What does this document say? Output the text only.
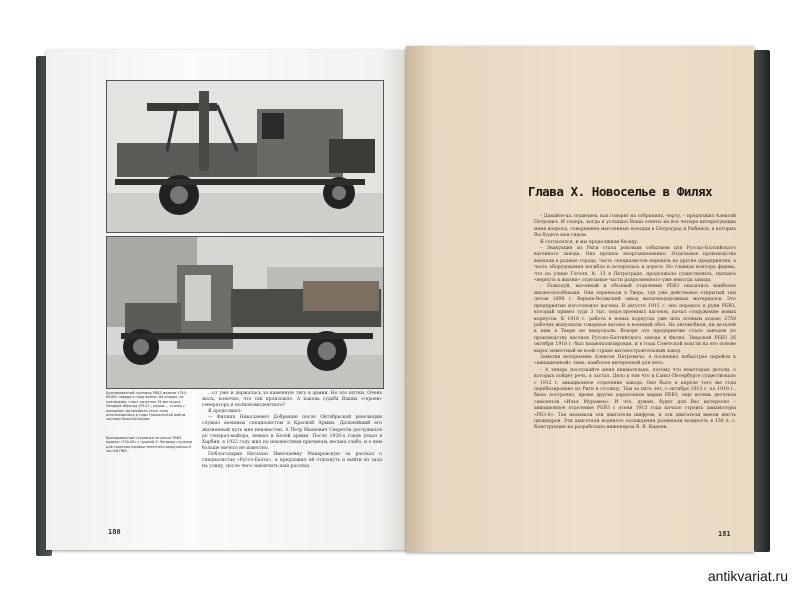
Бронированный грузовик РБВЗ модели «Т40-65/65» завода в годы войны. На опорах, на платформе, стоит зенитная 76-мм пушка Лендера образца 1914 г.; рядом — станок с прицелом. Автомобили этого типа использовались в годы Гражданской войны частями Красной Армии.

Бронированные грузовики на шасси РБВЗ модели «Т40-65» с пушкой Х. Лендера служили для транспортировки зенитного вооружения и частей ПВО.

...от уже и держалась за каменную тягу в армии. Но это шутки. Очень жаль, конечно, что так произошло. А какова судьба Ваших «героев» генератора и полнокомплектного?

Я продолжил:

— Филипп Николаевич Добрынин после Октябрьской революции служил военным специалистом в Красной Армии. Дальнейший его жизненный путь мне неизвестен. А Петр Иванович Секретёв дослужился до генерал-майора, воевал в Белой армии. После 1920-х годов уехал в Харбин, в 1922 году жил по неизвестным причинам, весьма слабо, и о нем больше ничего не известно.

Поблагодарив Наталью Николаевну Макаровскую за рассказ о специалистах «Руссо-Балта», я предложил ей отдохнуть и выйти из зала на улицу, после чего закончить наш рассказ.

180
Глава Х. Новоселье в Филях

– Давайте-ка, подведем, как говорят на собраниях, черту, – предложил Алексей Петрович. И теперь, когда я услышал Ваши ответы на все четыре интересующих меня вопроса, совершенно мысленные поездки в Петроград и Рыбинск, в которых Вы будете мои гидом.

Я согласился, и мы продолжили беседу.

– Эвакуация из Риги стала роковым событием для Русско-Балтийского вагонного завода. Она прошла неорганизованно. Отдельные производства выехали в разные города, часть специалистов перешла на другие предприятия, а часть оборудования погибла и потерялась в дороге. Но главная контора фирмы, что на улице Гоголя, № 13 в Петрограде, продолжала существовать, пытаясь «вернуть к жизни» отдельные части разрозненного уже некогда завода.

– Пожалуй, вагонный и обозный отделения РБВЗ оказались наиболее жизнеспособными. Они переехали в Тверь, где уже действовал открытый там летом 1898 г. Верхне-Волжский завод железнодорожных материалов. Это предприятие изготовляло вагоны. В августе 1915 г. оно перешло в руки РБВЗ, который привез туда 3 тыс. недостроенных вагонов, начал сооружение новых корпусов. К 1916 г. работа в новых корпусах уже шла полным ходом; 2750 рабочих выпускали товарные вагоны и военный обоз. Но автомобили, ни деталей к ним в Твери не выпускали. Вскоре это предприятие стало заводом по производству вагонов Русско-Балтийского завода в Филях. Тверской РБВЗ 26 октября 1918 г. был национализирован, и в годы Советской власти на его основе вырос известный во всей стране вагоностроительный завод.

Заметив нетерпение Алексея Петровича, я поспешил побыстрее перейти к «авиационной» теме, наиболее интересной для него.

– А теперь послушайте меня внимательно, потому что некоторые детали, о которых пойдет речь, я застал. Дело в том что в Санкт-Петербурге существовало с 1912 г. авиационное отделение завода. Оно было в апреле того же года перебазировано из Риги в столицу. Там за пять лет, с октября 1913 г. по 1918 г., было построено, кроме других аэропланов марки РБВЗ, еще восемь десятков самолетов «Илья Муромец». И что, думаю, будет для Вас интересно – авиационное отделение РБВЗ с осени 1915 года начало строить авиамоторы «РБЗ-6». Так называли эти двигатели шифром, и эти двигатели имели шесть цилиндров. Эти двигатели водяного охлаждения развивали мощность в 150 л. с. Конструкция их разработана инженером В. В. Киреев.

181
antikvariat.ru
